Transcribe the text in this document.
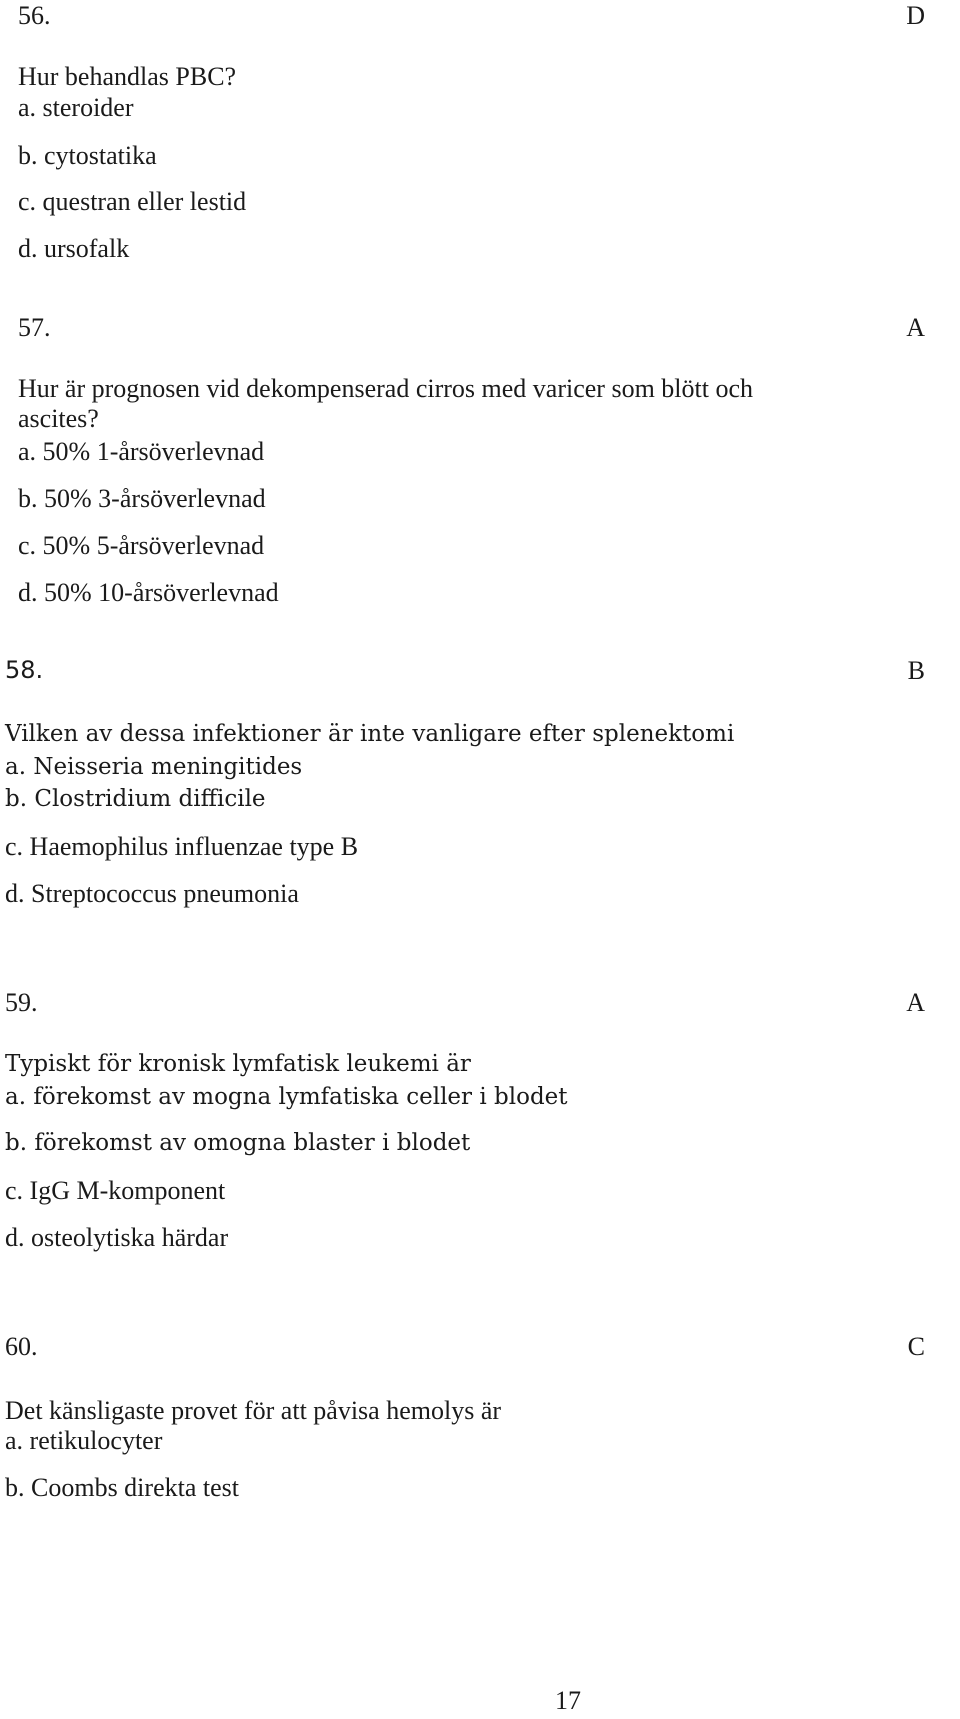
56.	D
Hur behandlas PBC?
a. steroider
b. cytostatika
c. questran eller lestid
d. ursofalk
57.	A
Hur är prognosen vid dekompenserad cirros med varicer som blött och
ascites?
a. 50% 1-årsöverlevnad
b. 50% 3-årsöverlevnad
c. 50% 5-årsöverlevnad
d. 50% 10-årsöverlevnad
58.	B
Vilken av dessa infektioner är inte vanligare efter splenektomi
a. Neisseria meningitides
b. Clostridium difficile
c. Haemophilus influenzae type B
d. Streptococcus pneumonia
59.	A
Typiskt för kronisk lymfatisk leukemi är
a. förekomst av mogna lymfatiska celler i blodet
b. förekomst av omogna blaster i blodet
c. IgG M-komponent
d. osteolytiska härdar
60.	C
Det känsligaste provet för att påvisa hemolys är
a. retikulocyter
b. Coombs direkta test
17
